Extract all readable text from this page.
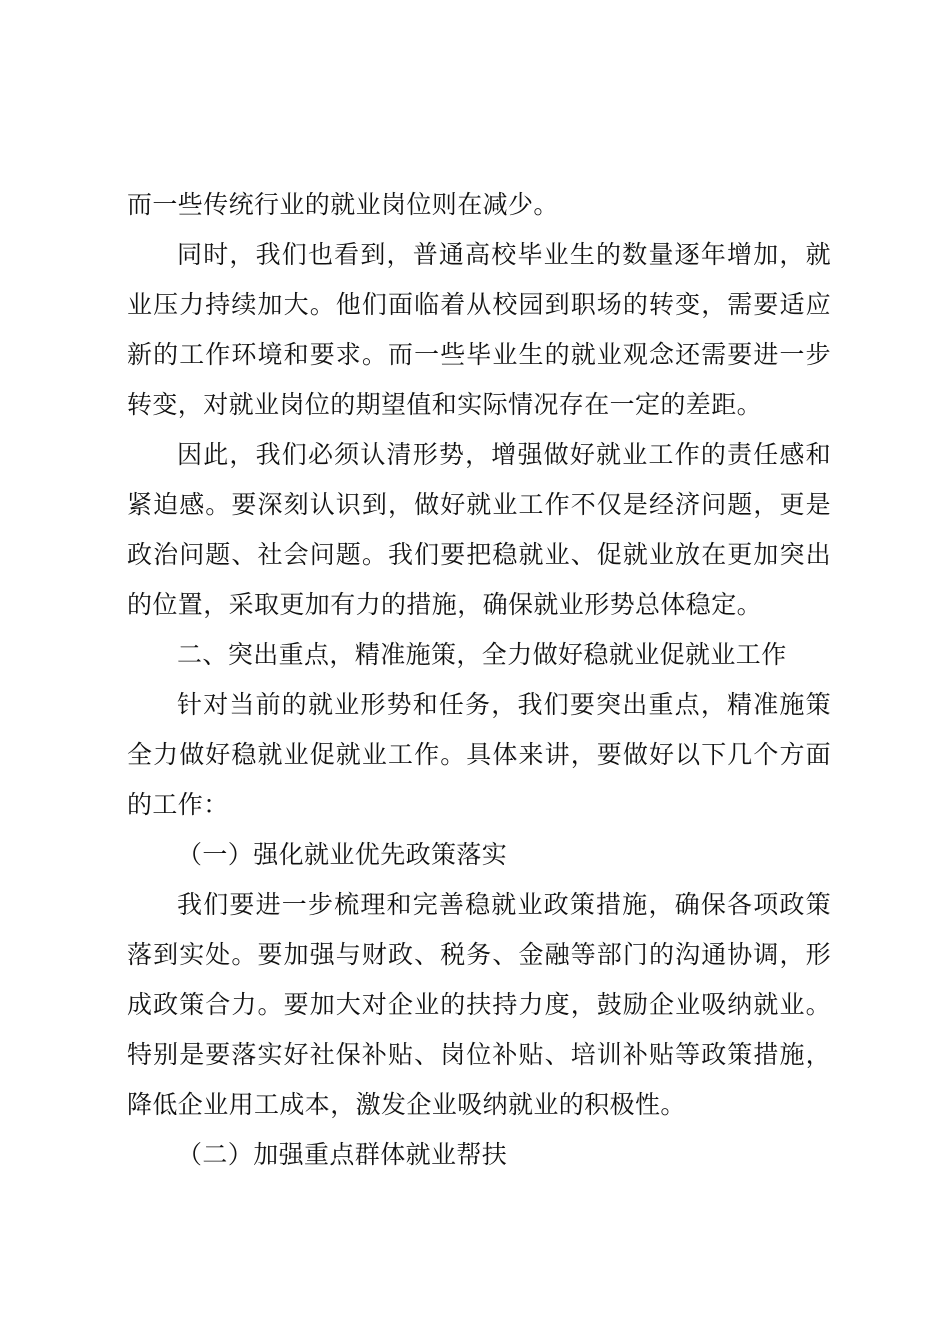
而一些传统行业的就业岗位则在减少。

同时，我们也看到，普通高校毕业生的数量逐年增加，就业压力持续加大。他们面临着从校园到职场的转变，需要适应新的工作环境和要求。而一些毕业生的就业观念还需要进一步转变，对就业岗位的期望值和实际情况存在一定的差距。

因此，我们必须认清形势，增强做好就业工作的责任感和紧迫感。要深刻认识到，做好就业工作不仅是经济问题，更是政治问题、社会问题。我们要把稳就业、促就业放在更加突出的位置，采取更加有力的措施，确保就业形势总体稳定。

二、突出重点，精准施策，全力做好稳就业促就业工作

针对当前的就业形势和任务，我们要突出重点，精准施策全力做好稳就业促就业工作。具体来讲，要做好以下几个方面的工作：

（一）强化就业优先政策落实

我们要进一步梳理和完善稳就业政策措施，确保各项政策落到实处。要加强与财政、税务、金融等部门的沟通协调，形成政策合力。要加大对企业的扶持力度，鼓励企业吸纳就业。特别是要落实好社保补贴、岗位补贴、培训补贴等政策措施，降低企业用工成本，激发企业吸纳就业的积极性。

（二）加强重点群体就业帮扶
